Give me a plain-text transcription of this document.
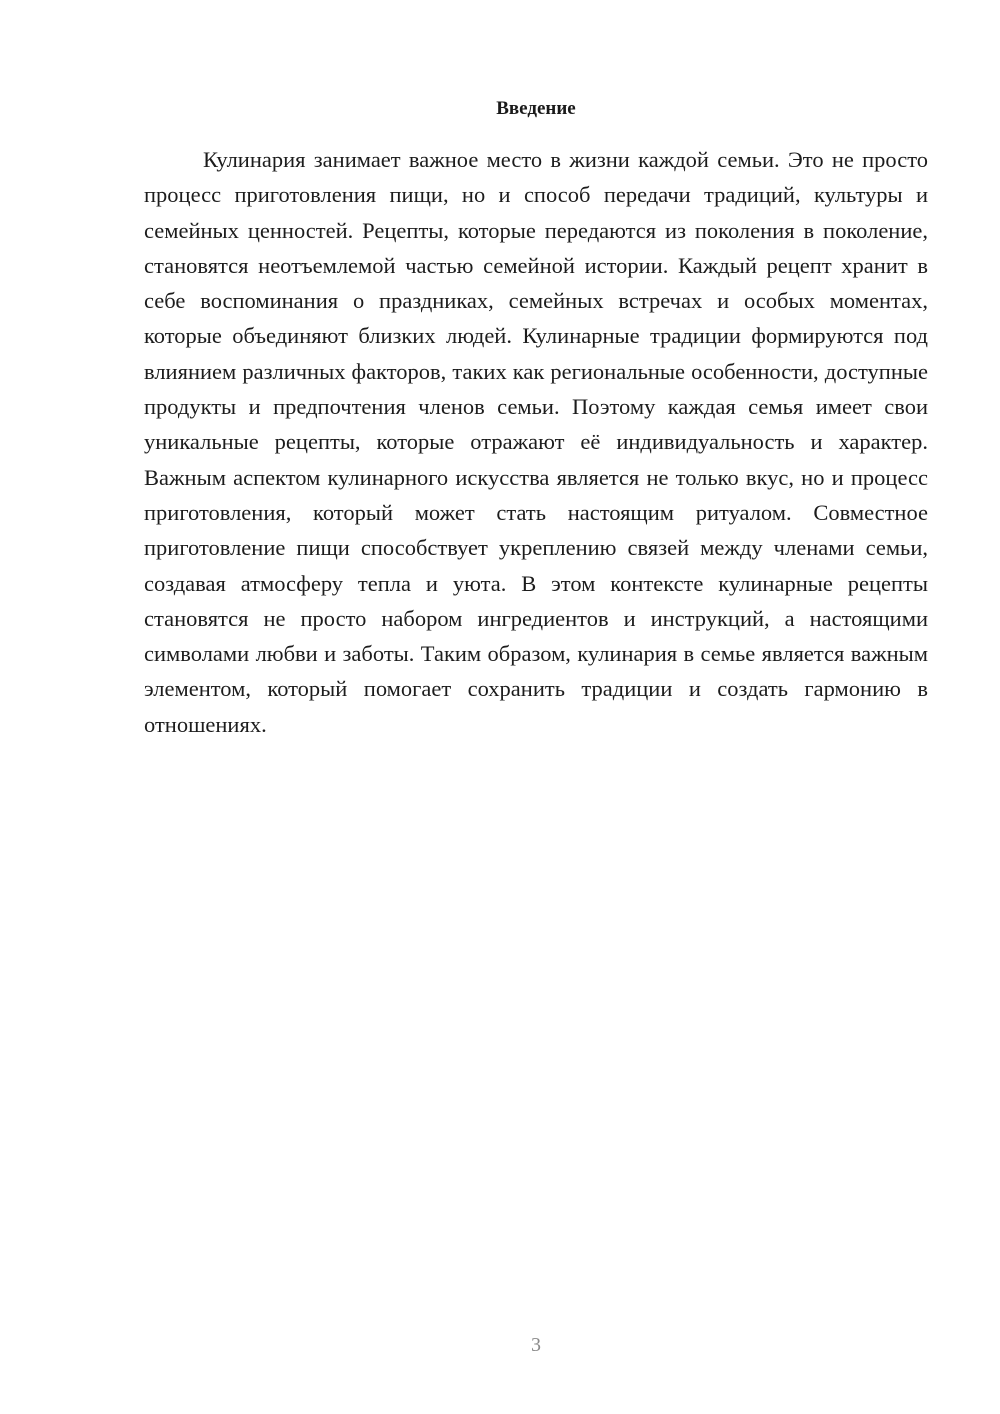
Введение

Кулинария занимает важное место в жизни каждой семьи. Это не просто процесс приготовления пищи, но и способ передачи традиций, культуры и семейных ценностей. Рецепты, которые передаются из поколения в поколение, становятся неотъемлемой частью семейной истории. Каждый рецепт хранит в себе воспоминания о праздниках, семейных встречах и особых моментах, которые объединяют близких людей. Кулинарные традиции формируются под влиянием различных факторов, таких как региональные особенности, доступные продукты и предпочтения членов семьи. Поэтому каждая семья имеет свои уникальные рецепты, которые отражают её индивидуальность и характер. Важным аспектом кулинарного искусства является не только вкус, но и процесс приготовления, который может стать настоящим ритуалом. Совместное приготовление пищи способствует укреплению связей между членами семьи, создавая атмосферу тепла и уюта. В этом контексте кулинарные рецепты становятся не просто набором ингредиентов и инструкций, а настоящими символами любви и заботы. Таким образом, кулинария в семье является важным элементом, который помогает сохранить традиции и создать гармонию в отношениях.

3
